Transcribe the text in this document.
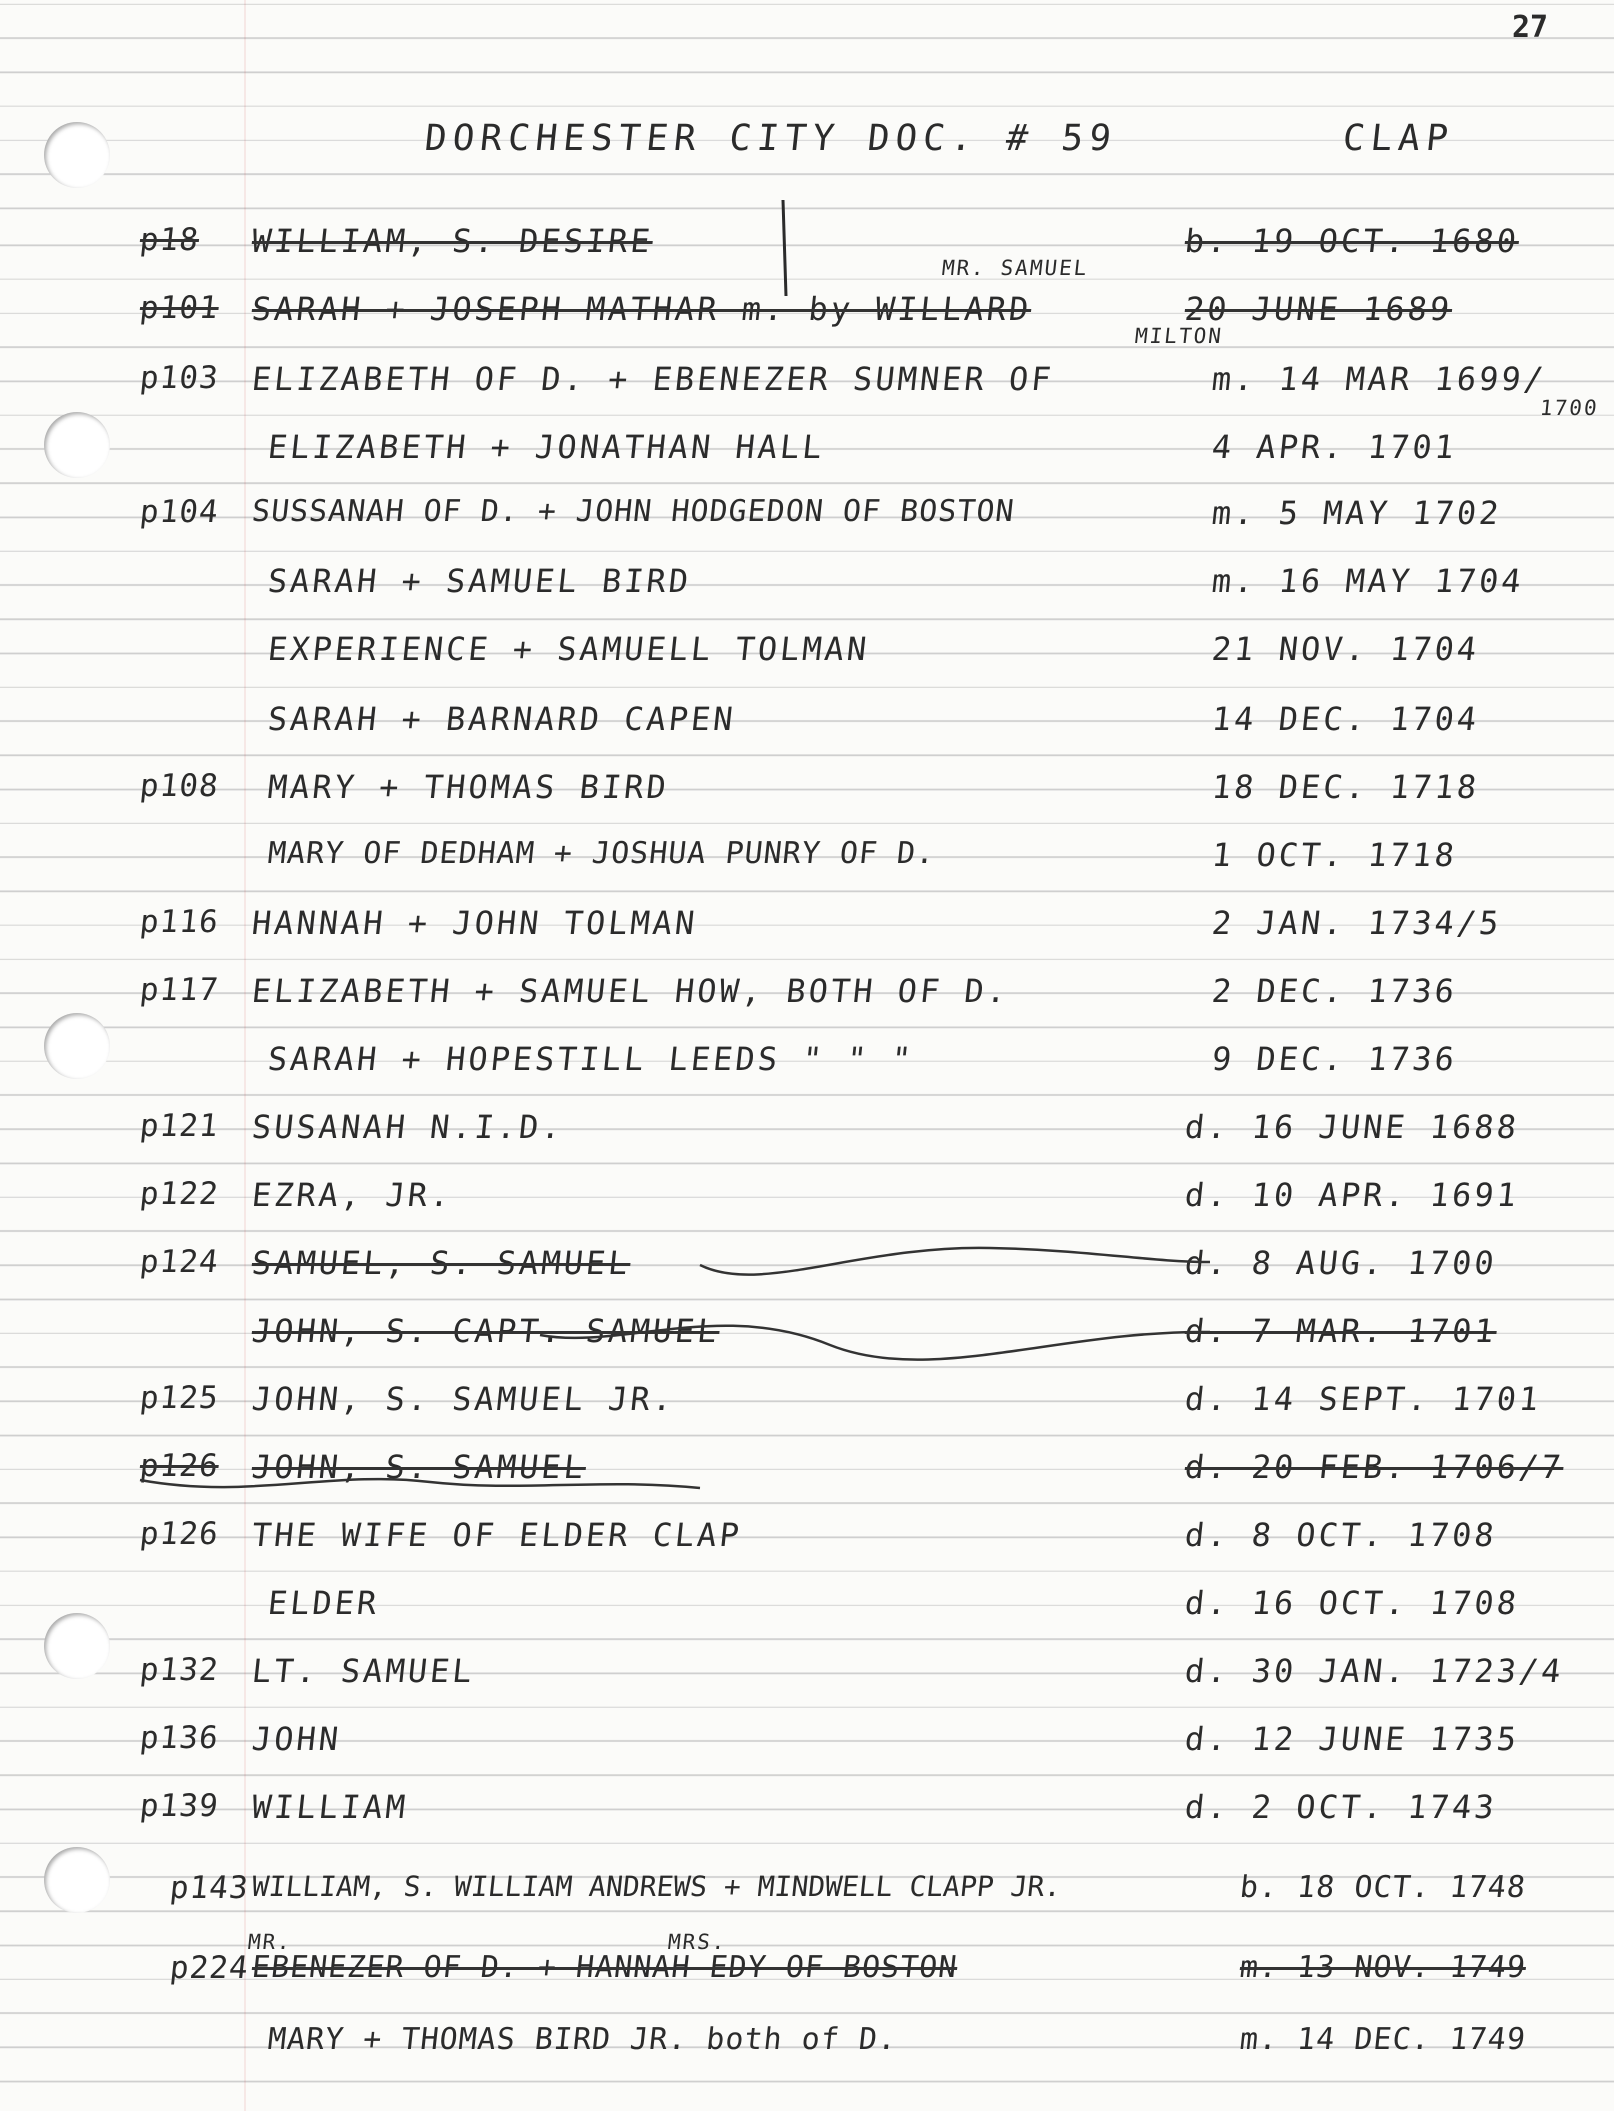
27
DORCHESTER CITY DOC. # 59	CLAP
MR. SAMUEL
MILTON
1700
MR.	MRS.
p18 WILLIAM, S. DESIRE	b. 19 OCT. 1680
p101 SARAH + JOSEPH MATHAR m. by WILLARD	20 JUNE 1689
p103 ELIZABETH OF D. + EBENEZER SUMNER OF	m. 14 MAR 1699/
ELIZABETH + JONATHAN HALL	4 APR. 1701
p104 SUSSANAH OF D. + JOHN HODGEDON OF BOSTON	m. 5 MAY 1702
SARAH + SAMUEL BIRD	m. 16 MAY 1704
EXPERIENCE + SAMUELL TOLMAN	21 NOV. 1704
SARAH + BARNARD CAPEN	14 DEC. 1704
p108 MARY + THOMAS BIRD	18 DEC. 1718
MARY OF DEDHAM + JOSHUA PUNRY OF D.	1 OCT. 1718
p116 HANNAH + JOHN TOLMAN	2 JAN. 1734/5
p117 ELIZABETH + SAMUEL HOW, BOTH OF D.	2 DEC. 1736
SARAH + HOPESTILL LEEDS " " "	9 DEC. 1736
p121 SUSANAH N.I.D.	d. 16 JUNE 1688
p122 EZRA, JR.	d. 10 APR. 1691
p124 SAMUEL, S. SAMUEL	d. 8 AUG. 1700
JOHN, S. CAPT. SAMUEL	d. 7 MAR. 1701
p125 JOHN, S. SAMUEL JR.	d. 14 SEPT. 1701
p126 JOHN, S. SAMUEL	d. 20 FEB. 1706/7
p126 THE WIFE OF ELDER CLAP	d. 8 OCT. 1708
ELDER	d. 16 OCT. 1708
p132 LT. SAMUEL	d. 30 JAN. 1723/4
p136 JOHN	d. 12 JUNE 1735
p139 WILLIAM	d. 2 OCT. 1743
p143 WILLIAM, S. WILLIAM ANDREWS + MINDWELL CLAPP JR.	b. 18 OCT. 1748
p224 EBENEZER OF D. + HANNAH EDY OF BOSTON	m. 13 NOV. 1749
MARY + THOMAS BIRD JR. both of D.	m. 14 DEC. 1749
